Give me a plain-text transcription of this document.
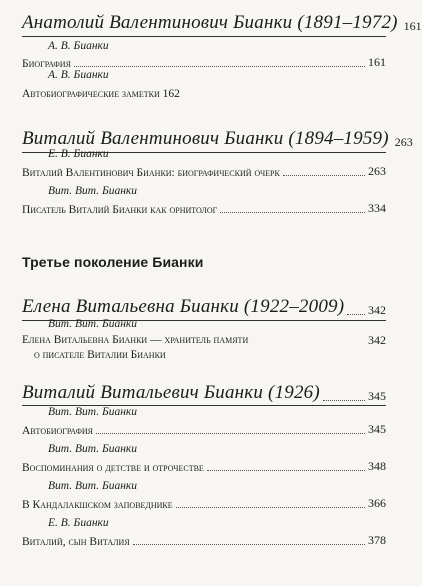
Анатолий Валентинович Бианки (1891–1972) 161
А. В. Бианки
Биография	161
А. В. Бианки
Автобиографические заметки 162
Виталий Валентинович Бианки (1894–1959) 263
Е. В. Бианки
Виталий Валентинович Бианки: биографический очерк	263
Вит. Вит. Бианки
Писатель Виталий Бианки как орнитолог	334
Третье поколение Бианки
Елена Витальевна Бианки (1922–2009) 342
Вит. Вит. Бианки
Елена Витальевна Бианки — хранитель памяти
о писателе Виталии Бианки
342
Виталий Витальевич Бианки (1926)	345
Вит. Вит. Бианки
Автобиография	345
Вит. Вит. Бианки
Воспоминания о детстве и отрочестве	348
Вит. Вит. Бианки
В Кандалакшском заповеднике	366
Е. В. Бианки
Виталий, сын Виталия	378
